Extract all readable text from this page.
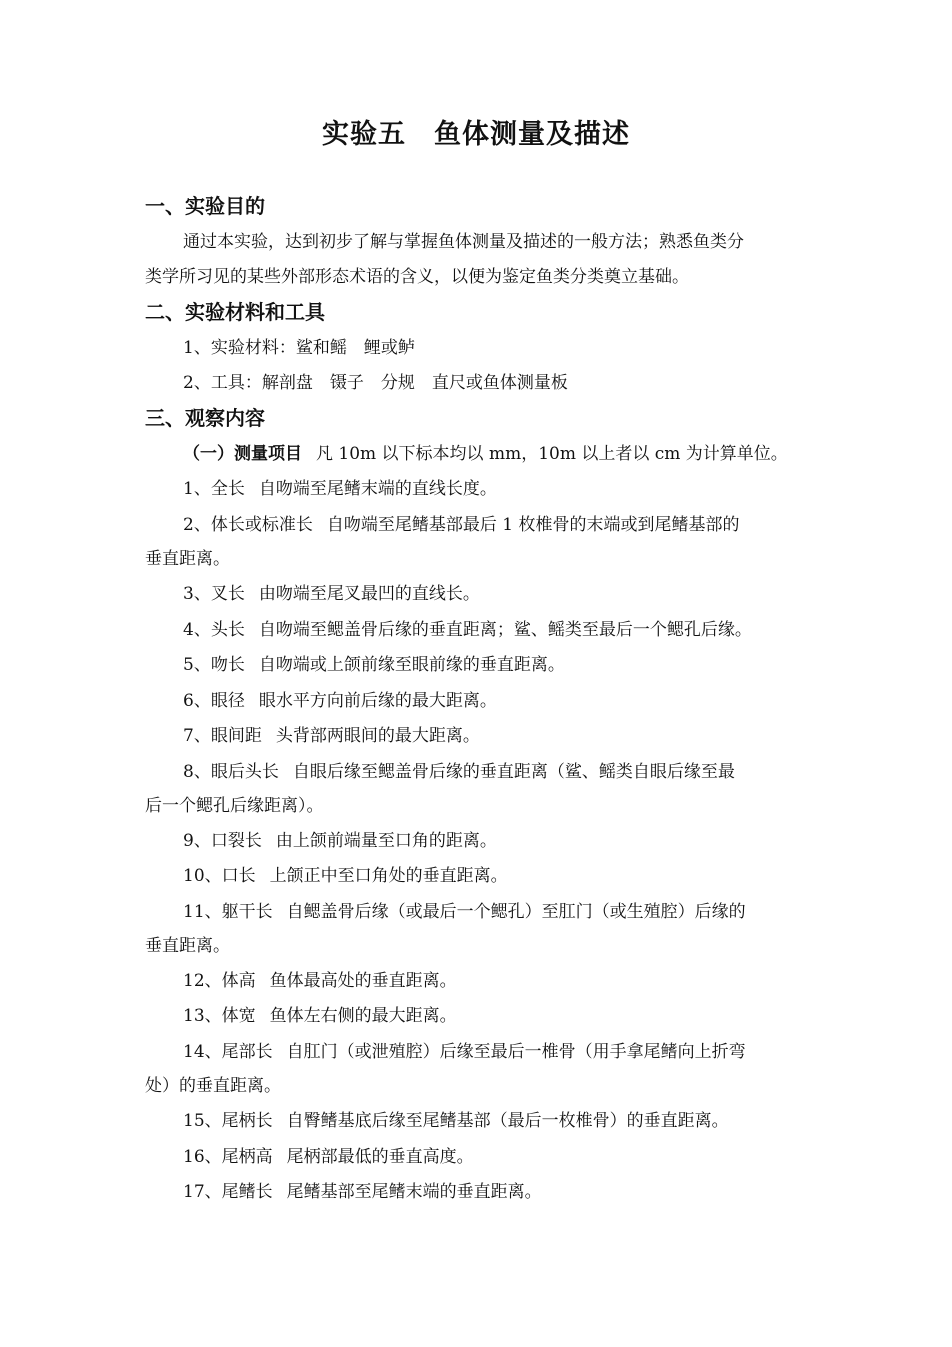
实验五　鱼体测量及描述
一、实验目的

通过本实验，达到初步了解与掌握鱼体测量及描述的一般方法；熟悉鱼类分

类学所习见的某些外部形态术语的含义，以便为鉴定鱼类分类奠立基础。

二、实验材料和工具

1、实验材料：鲨和鳐　鲤或鲈

2、工具：解剖盘　镊子　分规　直尺或鱼体测量板

三、观察内容

（一）测量项目 凡 10m 以下标本均以 mm，10m 以上者以 cm 为计算单位。

1、全长 自吻端至尾鳍末端的直线长度。

2、体长或标准长 自吻端至尾鳍基部最后 1 枚椎骨的末端或到尾鳍基部的

垂直距离。

3、叉长 由吻端至尾叉最凹的直线长。

4、头长 自吻端至鳃盖骨后缘的垂直距离；鲨、鳐类至最后一个鳃孔后缘。

5、吻长 自吻端或上颌前缘至眼前缘的垂直距离。

6、眼径 眼水平方向前后缘的最大距离。

7、眼间距 头背部两眼间的最大距离。

8、眼后头长 自眼后缘至鳃盖骨后缘的垂直距离（鲨、鳐类自眼后缘至最

后一个鳃孔后缘距离）。

9、口裂长 由上颌前端量至口角的距离。

10、口长 上颌正中至口角处的垂直距离。

11、躯干长 自鳃盖骨后缘（或最后一个鳃孔）至肛门（或生殖腔）后缘的

垂直距离。

12、体高 鱼体最高处的垂直距离。

13、体宽 鱼体左右侧的最大距离。

14、尾部长 自肛门（或泄殖腔）后缘至最后一椎骨（用手拿尾鳍向上折弯

处）的垂直距离。

15、尾柄长 自臀鳍基底后缘至尾鳍基部（最后一枚椎骨）的垂直距离。

16、尾柄高 尾柄部最低的垂直高度。

17、尾鳍长 尾鳍基部至尾鳍末端的垂直距离。
